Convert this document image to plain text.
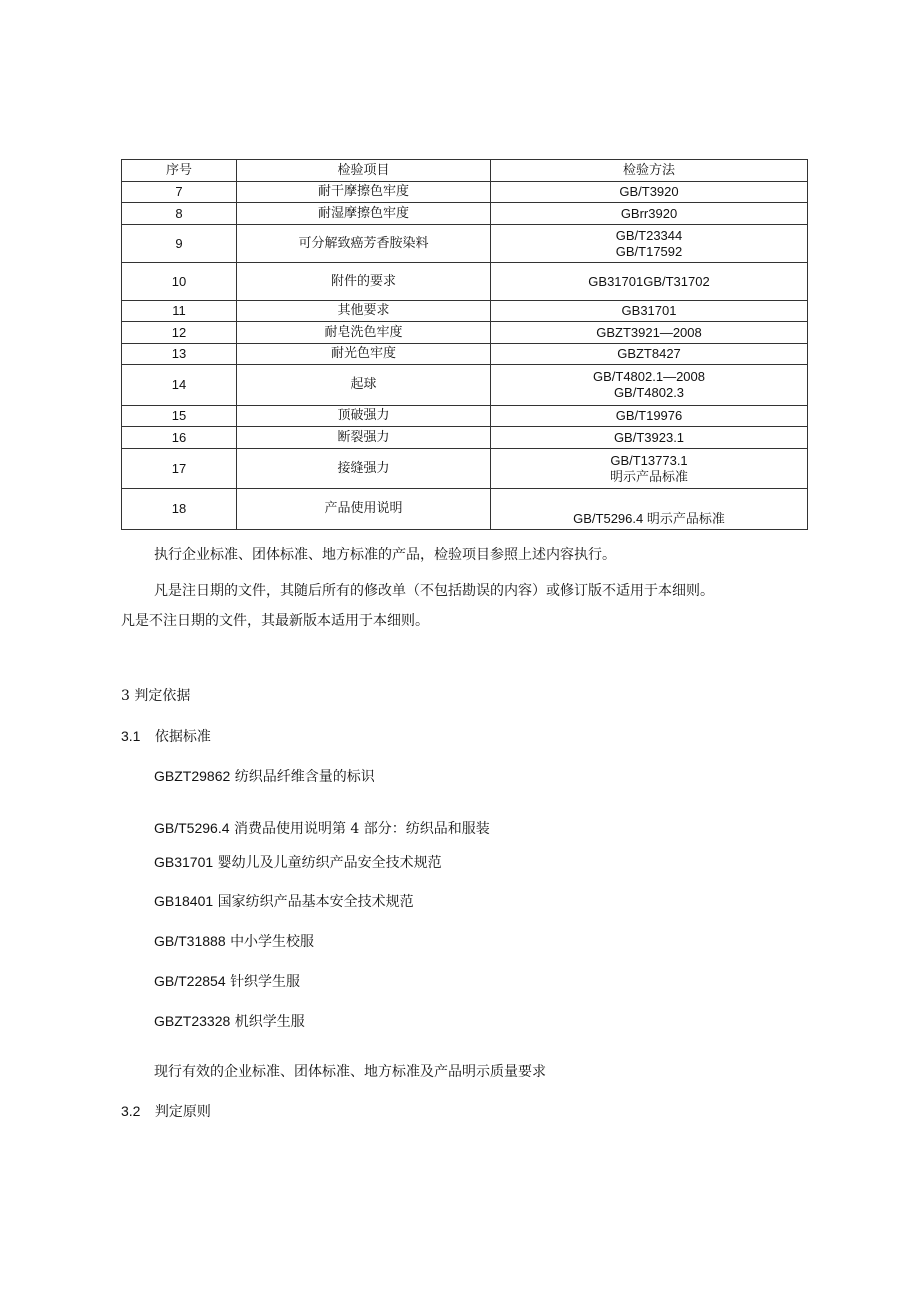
序号	检验项目	检验方法
7	耐干摩擦色牢度	GB/T3920
8	耐湿摩擦色牢度	GBrr3920
9	可分解致癌芳香胺染料	GB/T23344
GB/T17592

10	附件的要求	GB31701GB/T31702
11	其他要求	GB31701
12	耐皂洗色牢度	GBZT3921—2008
13	耐光色牢度	GBZT8427
14	起球	GB/T4802.1—2008
GB/T4802.3

15	顶破强力	GB/T19976
16	断裂强力	GB/T3923.1
17	接缝强力	GB/T13773.1
明示产品标准

18	产品使用说明	GB/T5296.4 明示产品标准
执行企业标准、团体标准、地方标准的产品，检验项目参照上述内容执行。
凡是注日期的文件，其随后所有的修改单（不包括勘误的内容）或修订版不适用于本细则。
凡是不注日期的文件，其最新版本适用于本细则。
3 判定依据
3.1 依据标准
GBZT29862 纺织品纤维含量的标识
GB/T5296.4 消费品使用说明第 4 部分：纺织品和服装
GB31701 婴幼儿及儿童纺织产品安全技术规范
GB18401 国家纺织产品基本安全技术规范
GB/T31888 中小学生校服
GB/T22854 针织学生服
GBZT23328 机织学生服
现行有效的企业标准、团体标准、地方标准及产品明示质量要求
3.2 判定原则
